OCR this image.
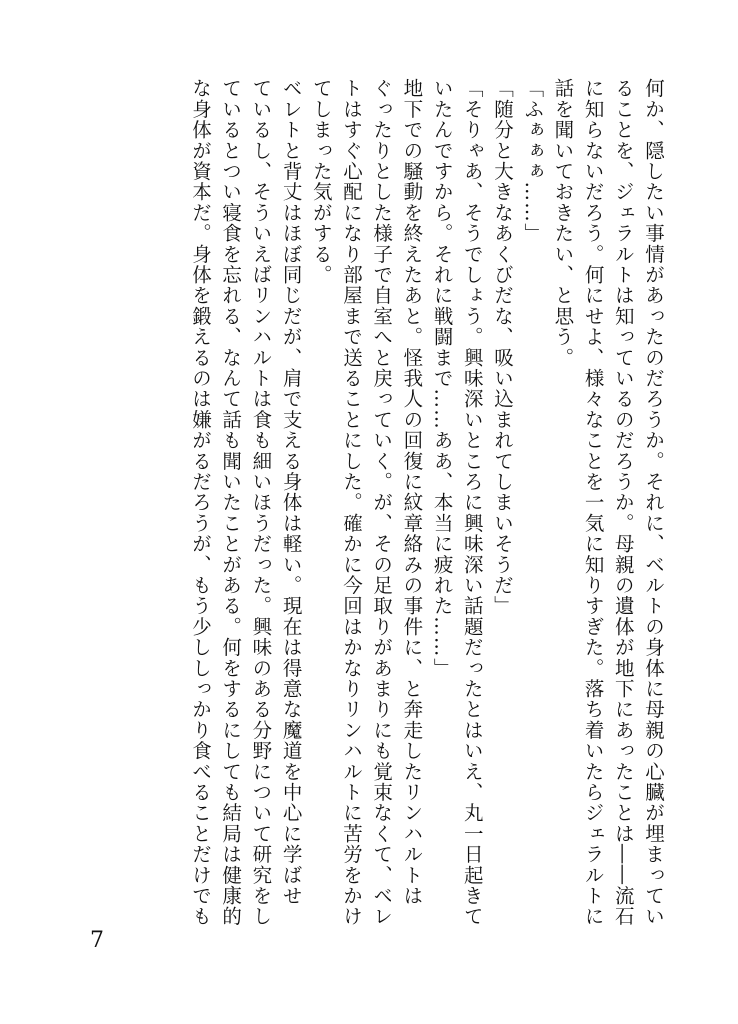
何か、隠したい事情があったのだろうか。それに、ベルトの身体に母親の心臓が埋まってい

ることを、ジェラルトは知っているのだろうか。母親の遺体が地下にあったことは――流石

に知らないだろう。何にせよ、様々なことを一気に知りすぎた。落ち着いたらジェラルトに

話を聞いておきたい、と思う。

「ふぁぁぁ……」

「随分と大きなあくびだな、吸い込まれてしまいそうだ」

「そりゃあ、そうでしょう。興味深いところに興味深い話題だったとはいえ、丸一日起きて

いたんですから。それに戦闘まで……ああ、本当に疲れた……」

地下での騒動を終えたあと。怪我人の回復に紋章絡みの事件に、と奔走したリンハルトは

ぐったりとした様子で自室へと戻っていく。が、その足取りがあまりにも覚束なくて、ベレ

トはすぐ心配になり部屋まで送ることにした。確かに今回はかなりリンハルトに苦労をかけ

てしまった気がする。

ベレトと背丈はほぼ同じだが、肩で支える身体は軽い。現在は得意な魔道を中心に学ばせ

ているし、そういえばリンハルトは食も細いほうだった。興味のある分野について研究をし

ているとつい寝食を忘れる、なんて話も聞いたことがある。何をするにしても結局は健康的

な身体が資本だ。身体を鍛えるのは嫌がるだろうが、もう少ししっかり食べることだけでも

7
